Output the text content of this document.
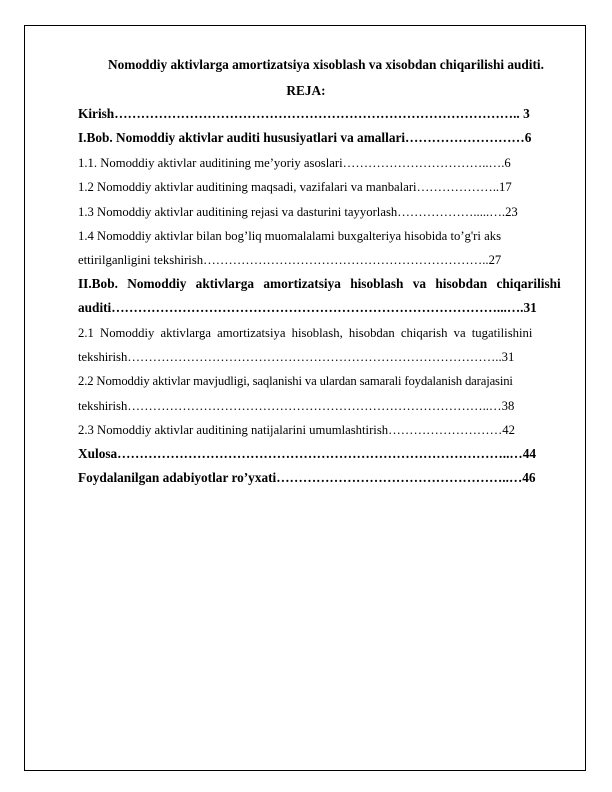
Nomoddiy aktivlarga amortizatsiya xisoblash va xisobdan chiqarilishi auditi.
REJA:
Kirish……………………………………………………………………………….. 3
I.Bob. Nomoddiy aktivlar auditi hususiyatlari va amallari………………………6
1.1. Nomoddiy aktivlar auditining me’yoriy asoslari……………………………..….6
1.2 Nomoddiy aktivlar auditining maqsadi, vazifalari va manbalari………………..17
1.3 Nomoddiy aktivlar auditining rejasi va dasturini tayyorlash……………….....….23
1.4 Nomoddiy aktivlar bilan bog’liq muomalalami buxgalteriya hisobida to’g'ri aks
ettirilganligini tekshirish…………………………………………………………..27
II.Bob. Nomoddiy aktivlarga amortizatsiya hisoblash va hisobdan chiqarilishi
auditi……………………………………………………………………………...….31
2.1 Nomoddiy aktivlarga amortizatsiya hisoblash, hisobdan chiqarish va tugatilishini
tekshirish……………………………………………………………………………..31
2.2 Nomoddiy aktivlar mavjudligi, saqlanishi va ulardan samarali foydalanish darajasini
tekshirish…………………………………………………………………………..…38
2.3 Nomoddiy aktivlar auditining natijalarini umumlashtirish………………………42
Xulosa……………………………………………………………………………..…44
Foydalanilgan adabiyotlar ro’yxati……………………………………………..…46
